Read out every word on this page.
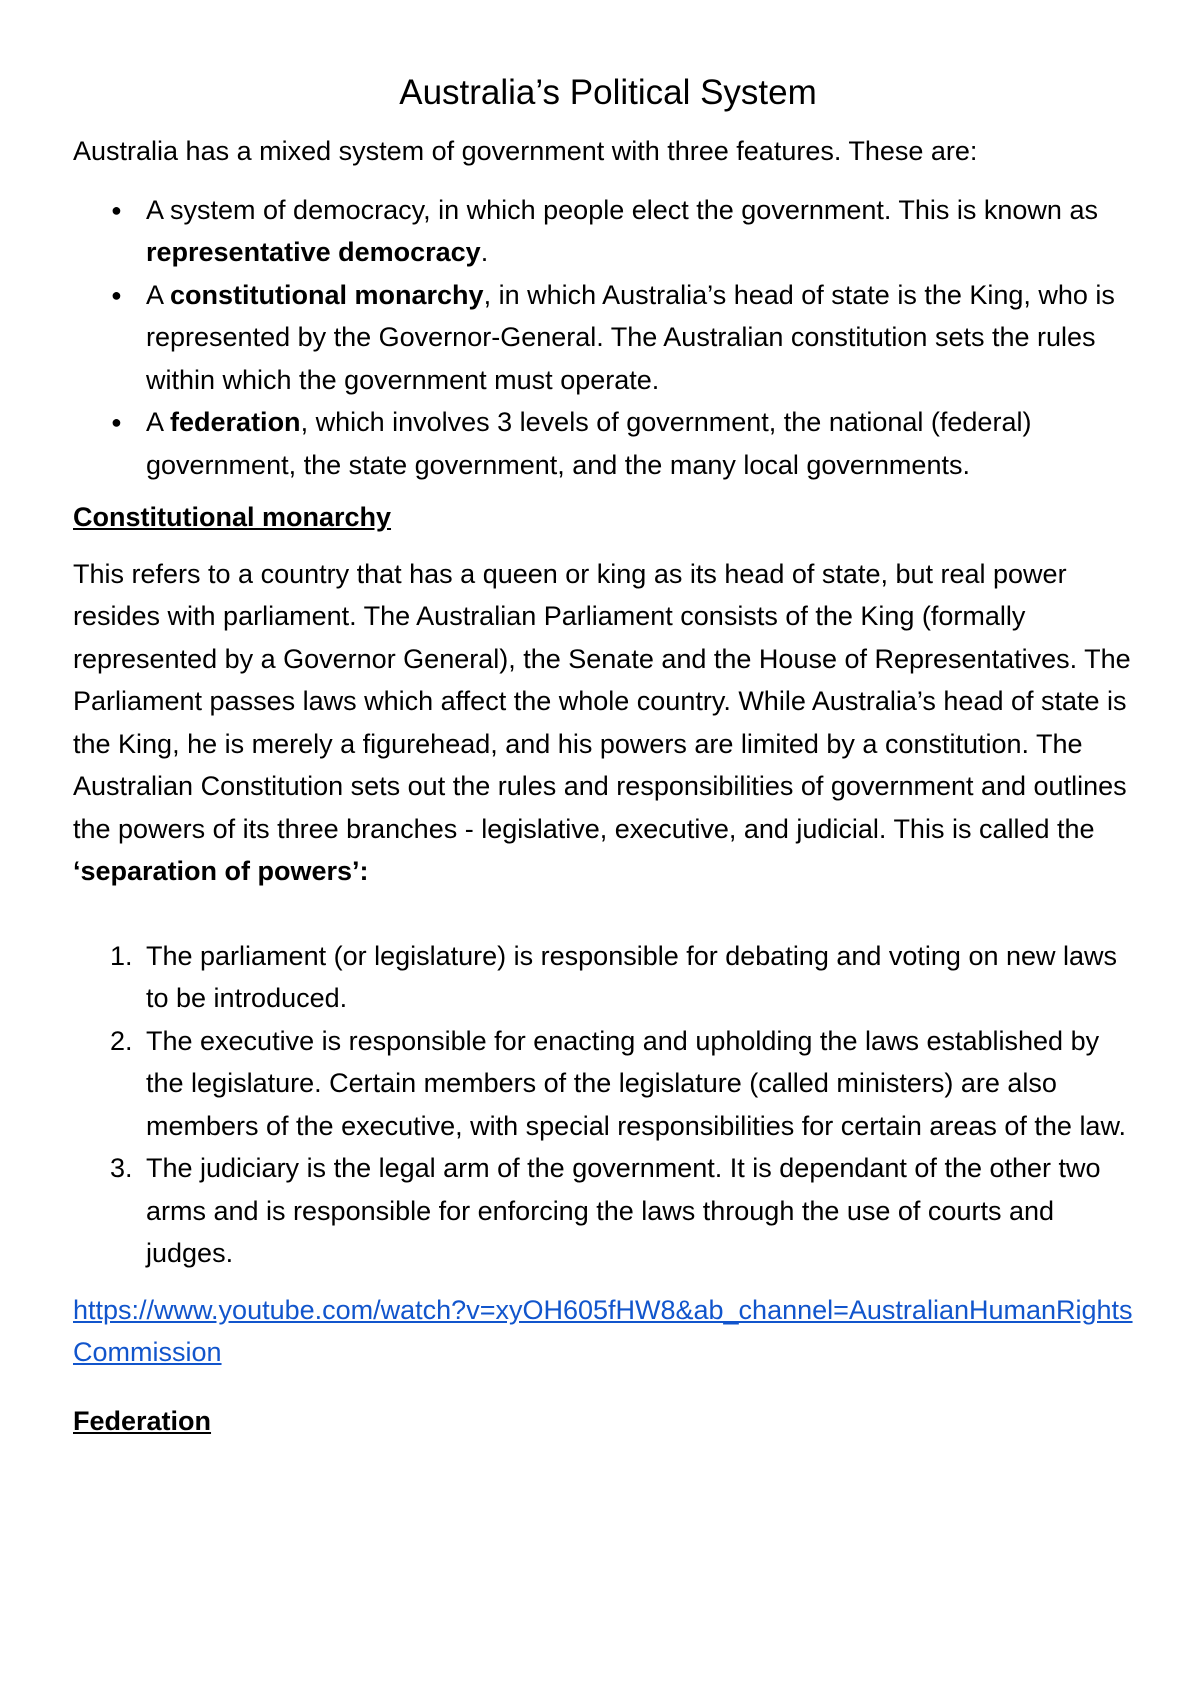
Australia’s Political System

Australia has a mixed system of government with three features. These are:

● A system of democracy, in which people elect the government. This is known as representative democracy.
● A constitutional monarchy, in which Australia’s head of state is the King, who is represented by the Governor-General. The Australian constitution sets the rules within which the government must operate.
● A federation, which involves 3 levels of government, the national (federal) government, the state government, and the many local governments.

Constitutional monarchy

This refers to a country that has a queen or king as its head of state, but real power resides with parliament. The Australian Parliament consists of the King (formally represented by a Governor General), the Senate and the House of Representatives. The Parliament passes laws which affect the whole country. While Australia’s head of state is the King, he is merely a figurehead, and his powers are limited by a constitution. The Australian Constitution sets out the rules and responsibilities of government and outlines the powers of its three branches - legislative, executive, and judicial. This is called the ‘separation of powers’:

1. The parliament (or legislature) is responsible for debating and voting on new laws to be introduced.
2. The executive is responsible for enacting and upholding the laws established by the legislature. Certain members of the legislature (called ministers) are also members of the executive, with special responsibilities for certain areas of the law.
3. The judiciary is the legal arm of the government. It is dependant of the other two arms and is responsible for enforcing the laws through the use of courts and judges.
https://www.youtube.com/watch?v=xyOH605fHW8&ab_channel=AustralianHumanRightsCommission

Federation
